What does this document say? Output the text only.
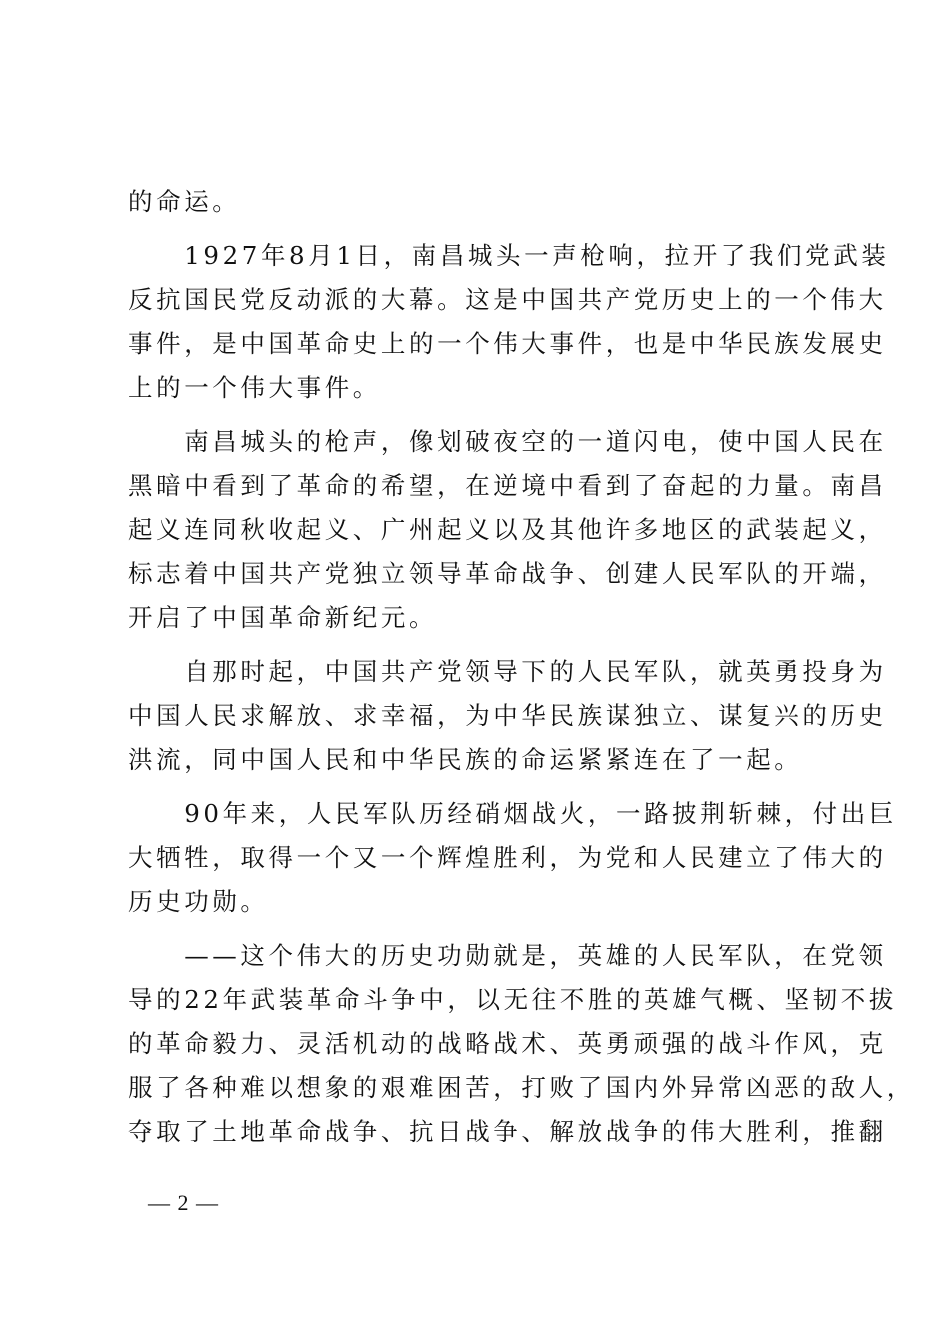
的命运。
　　1927年8月1日，南昌城头一声枪响，拉开了我们党武装
反抗国民党反动派的大幕。这是中国共产党历史上的一个伟大
事件，是中国革命史上的一个伟大事件，也是中华民族发展史
上的一个伟大事件。
　　南昌城头的枪声，像划破夜空的一道闪电，使中国人民在
黑暗中看到了革命的希望，在逆境中看到了奋起的力量。南昌
起义连同秋收起义、广州起义以及其他许多地区的武装起义，
标志着中国共产党独立领导革命战争、创建人民军队的开端，
开启了中国革命新纪元。
　　自那时起，中国共产党领导下的人民军队，就英勇投身为
中国人民求解放、求幸福，为中华民族谋独立、谋复兴的历史
洪流，同中国人民和中华民族的命运紧紧连在了一起。
　　90年来，人民军队历经硝烟战火，一路披荆斩棘，付出巨
大牺牲，取得一个又一个辉煌胜利，为党和人民建立了伟大的
历史功勋。
　　——这个伟大的历史功勋就是，英雄的人民军队，在党领
导的22年武装革命斗争中，以无往不胜的英雄气概、坚韧不拔
的革命毅力、灵活机动的战略战术、英勇顽强的战斗作风，克
服了各种难以想象的艰难困苦，打败了国内外异常凶恶的敌人，
夺取了土地革命战争、抗日战争、解放战争的伟大胜利，推翻
— 2 —
